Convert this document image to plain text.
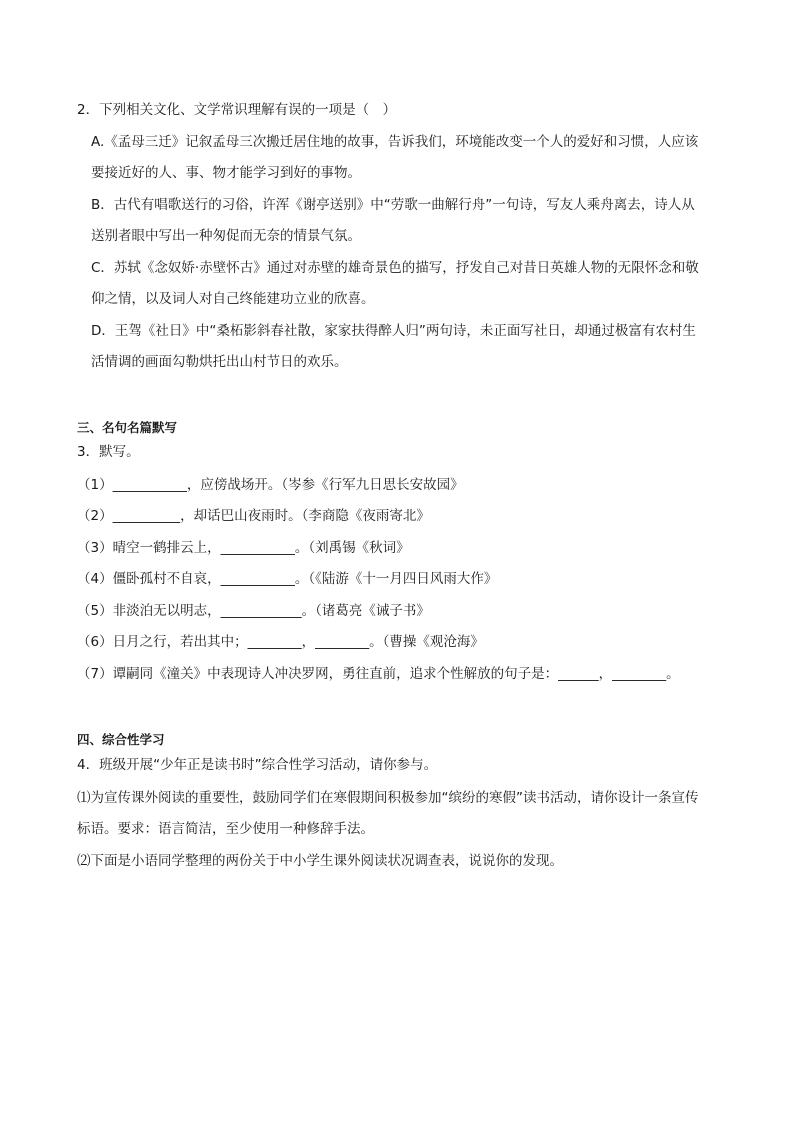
2．下列相关文化、文学常识理解有误的一项是（　）
A.《孟母三迁》记叙孟母三次搬迁居住地的故事，告诉我们，环境能改变一个人的爱好和习惯，人应该
要接近好的人、事、物才能学习到好的事物。
B．古代有唱歌送行的习俗，许浑《谢亭送别》中“劳歌一曲解行舟”一句诗，写友人乘舟离去，诗人从
送别者眼中写出一种匆促而无奈的情景气氛。
C．苏轼《念奴娇·赤壁怀古》通过对赤壁的雄奇景色的描写，抒发自己对昔日英雄人物的无限怀念和敬
仰之情，以及词人对自己终能建功立业的欣喜。
D．王驾《社日》中“桑柘影斜春社散，家家扶得醉人归”两句诗，未正面写社日，却通过极富有农村生
活情调的画面勾勒烘托出山村节日的欢乐。
三、名句名篇默写
3．默写。
（1）___________，应傍战场开。（岑参《行军九日思长安故园》
（2）__________，却话巴山夜雨时。（李商隐《夜雨寄北》
（3）晴空一鹤排云上，___________。（刘禹锡《秋词》
（4）僵卧孤村不自哀，___________。（《陆游《十一月四日风雨大作》
（5）非淡泊无以明志，____________。（诸葛亮《诫子书》
（6）日月之行，若出其中；________，________。（曹操《观沧海》
（7）谭嗣同《潼关》中表现诗人冲决罗网，勇往直前，追求个性解放的句子是：______，________。
四、综合性学习
4．班级开展“少年正是读书时”综合性学习活动，请你参与。
⑴为宣传课外阅读的重要性，鼓励同学们在寒假期间积极参加“缤纷的寒假”读书活动，请你设计一条宣传
标语。要求：语言简洁，至少使用一种修辞手法。
⑵下面是小语同学整理的两份关于中小学生课外阅读状况调查表，说说你的发现。
